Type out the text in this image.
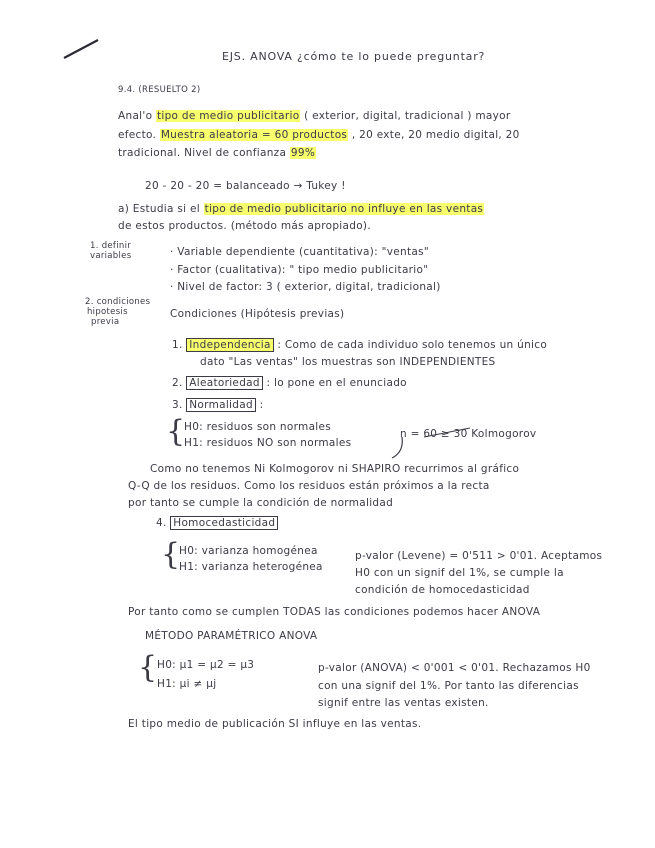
EJS. ANOVA ¿cómo te lo puede preguntar?
9.4. (RESUELTO 2)
Anal'o tipo de medio publicitario ( exterior, digital, tradicional ) mayor
efecto. Muestra aleatoria = 60 productos , 20 exte, 20 medio digital, 20
tradicional. Nivel de confianza 99%
20 - 20 - 20 = balanceado → Tukey !
a) Estudia si el tipo de medio publicitario no influye en las ventas
de estos productos. (método más apropiado).
1. definir
variables	· Variable dependiente (cuantitativa): "ventas"
· Factor (cualitativa): " tipo medio publicitario"
· Nivel de factor: 3 ( exterior, digital, tradicional)
2. condiciones
hipotesis
previa
Condiciones (Hipótesis previas)
1. Independencia : Como de cada individuo solo tenemos un único
dato "Las ventas" los muestras son INDEPENDIENTES
2. Aleatoriedad : lo pone en el enunciado
3. Normalidad :
{
H0: residuos son normales
H1: residuos NO son normales
n = 60 ≥ 30 Kolmogorov
Como no tenemos Ni Kolmogorov ni SHAPIRO recurrimos al gráfico
Q-Q de los residuos. Como los residuos están próximos a la recta
por tanto se cumple la condición de normalidad
4. Homocedasticidad
{
H0: varianza homogénea
H1: varianza heterogénea
p-valor (Levene) = 0'511 > 0'01. Aceptamos
H0 con un signif del 1%, se cumple la
condición de homocedasticidad
Por tanto como se cumplen TODAS las condiciones podemos hacer ANOVA
MÉTODO PARAMÉTRICO ANOVA
{ H0: μ1 = μ2 = μ3
H1: μi ≠ μj
p-valor (ANOVA) < 0'001 < 0'01. Rechazamos H0
con una signif del 1%. Por tanto las diferencias
signif entre las ventas existen.
El tipo medio de publicación SI influye en las ventas.
